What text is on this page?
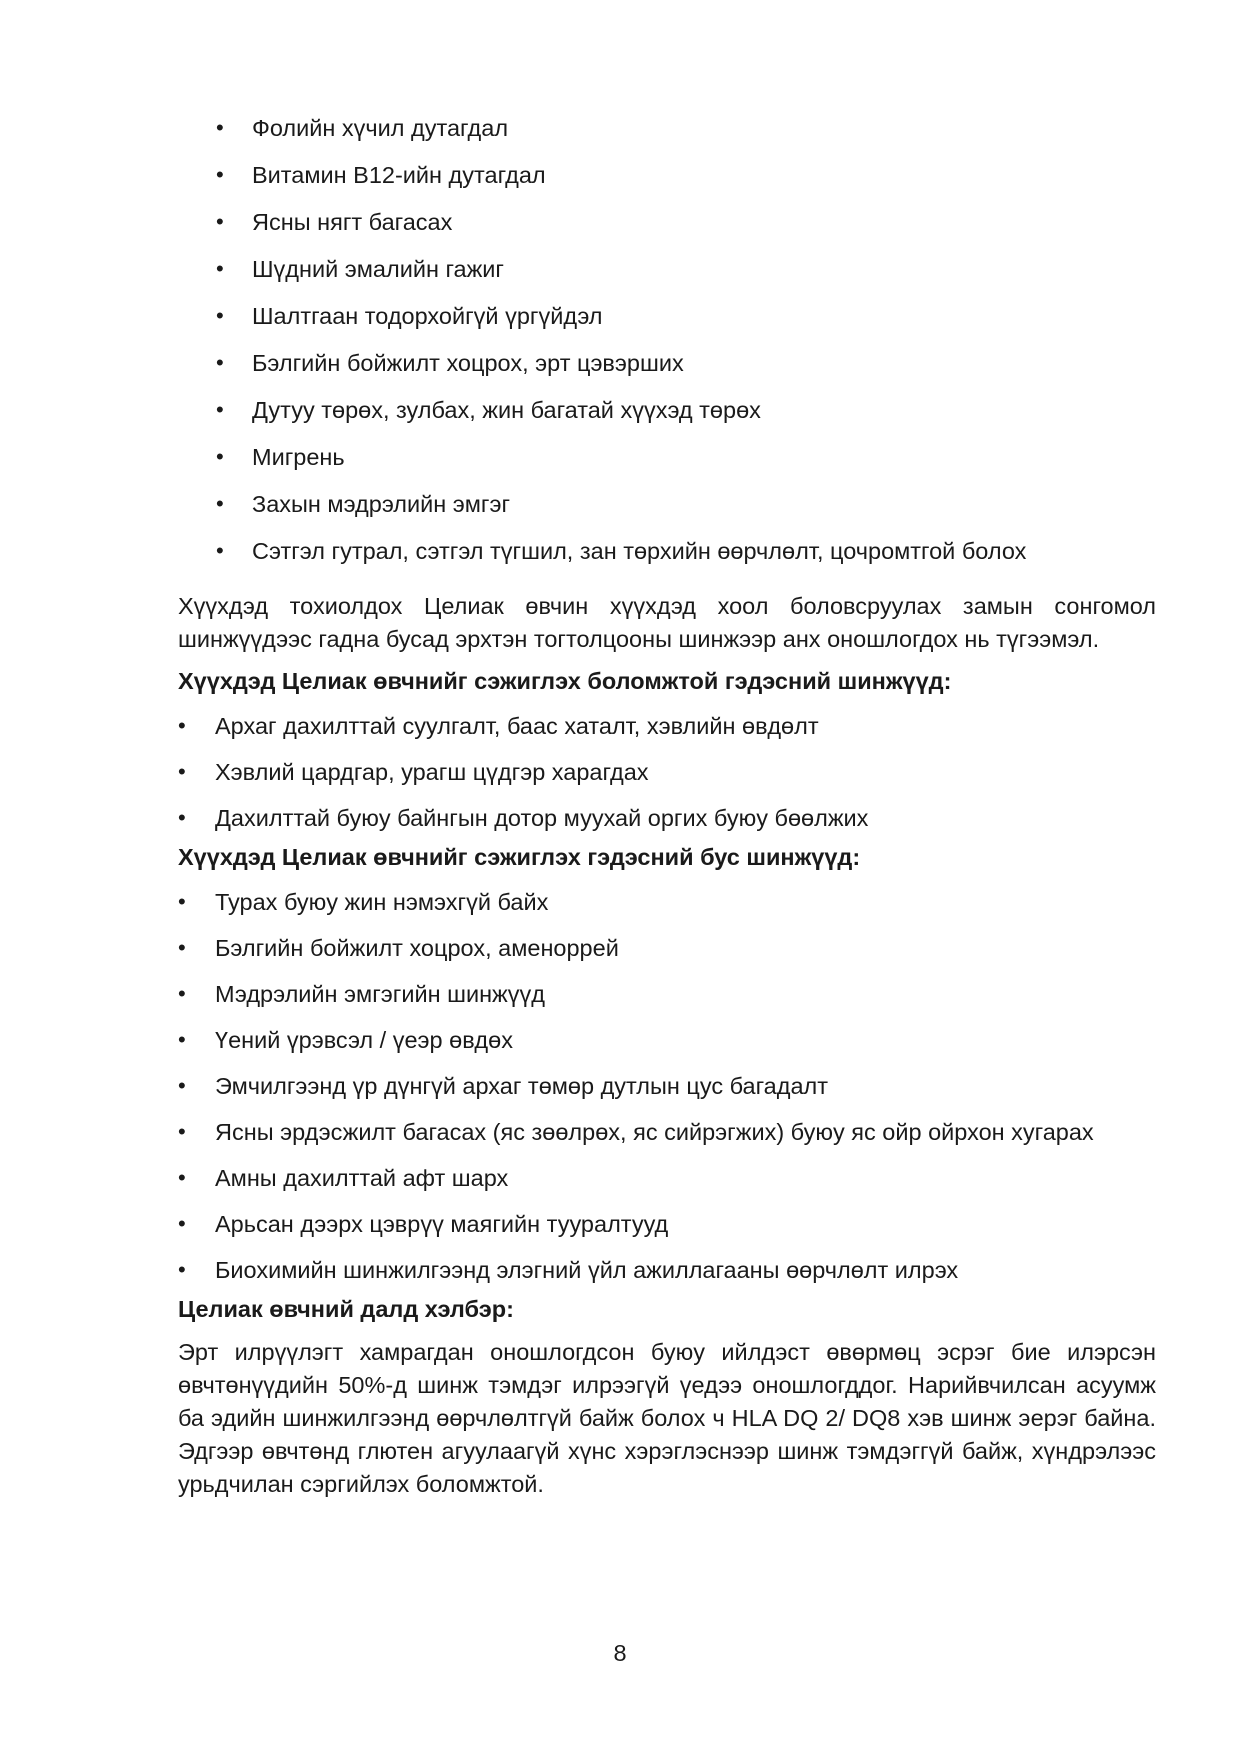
• Фолийн хүчил дутагдал
• Витамин B12-ийн дутагдал
• Ясны нягт багасах
• Шүдний эмалийн гажиг
• Шалтгаан тодорхойгүй үргүйдэл
• Бэлгийн бойжилт хоцрох, эрт цэвэрших
• Дутуу төрөх, зулбах, жин багатай хүүхэд төрөх
• Мигрень
• Захын мэдрэлийн эмгэг
• Сэтгэл гутрал, сэтгэл түгшил, зан төрхийн өөрчлөлт, цочромтгой болох

Хүүхдэд тохиолдох Целиак өвчин хүүхдэд хоол боловсруулах замын сонгомол шинжүүдээс гадна бусад эрхтэн тогтолцооны шинжээр анх оношлогдох нь түгээмэл.

Хүүхдэд Целиак өвчнийг сэжиглэх боломжтой гэдэсний шинжүүд:

• Архаг дахилттай суулгалт, баас хаталт, хэвлийн өвдөлт
• Хэвлий цардгар, урагш цүдгэр харагдах
• Дахилттай буюу байнгын дотор муухай оргих буюу бөөлжих

Хүүхдэд Целиак өвчнийг сэжиглэх гэдэсний бус шинжүүд:

• Турах буюу жин нэмэхгүй байх
• Бэлгийн бойжилт хоцрох, аменоррей
• Мэдрэлийн эмгэгийн шинжүүд
• Үений үрэвсэл / үеэр өвдөх
• Эмчилгээнд үр дүнгүй архаг төмөр дутлын цус багадалт
• Ясны эрдэсжилт багасах (яс зөөлрөх, яс сийрэгжих) буюу яс ойр ойрхон хугарах
• Амны дахилттай афт шарх
• Арьсан дээрх цэврүү маягийн тууралтууд
• Биохимийн шинжилгээнд элэгний үйл ажиллагааны өөрчлөлт илрэх

Целиак өвчний далд хэлбэр:

Эрт илрүүлэгт хамрагдан оношлогдсон буюу ийлдэст өвөрмөц эсрэг бие илэрсэн өвчтөнүүдийн 50%-д шинж тэмдэг илрээгүй үедээ оношлогддог. Нарийвчилсан асуумж ба эдийн шинжилгээнд өөрчлөлтгүй байж болох ч HLA DQ 2/ DQ8 хэв шинж эерэг байна. Эдгээр өвчтөнд глютен агуулаагүй хүнс хэрэглэснээр шинж тэмдэггүй байж, хүндрэлээс урьдчилан сэргийлэх боломжтой.

8
